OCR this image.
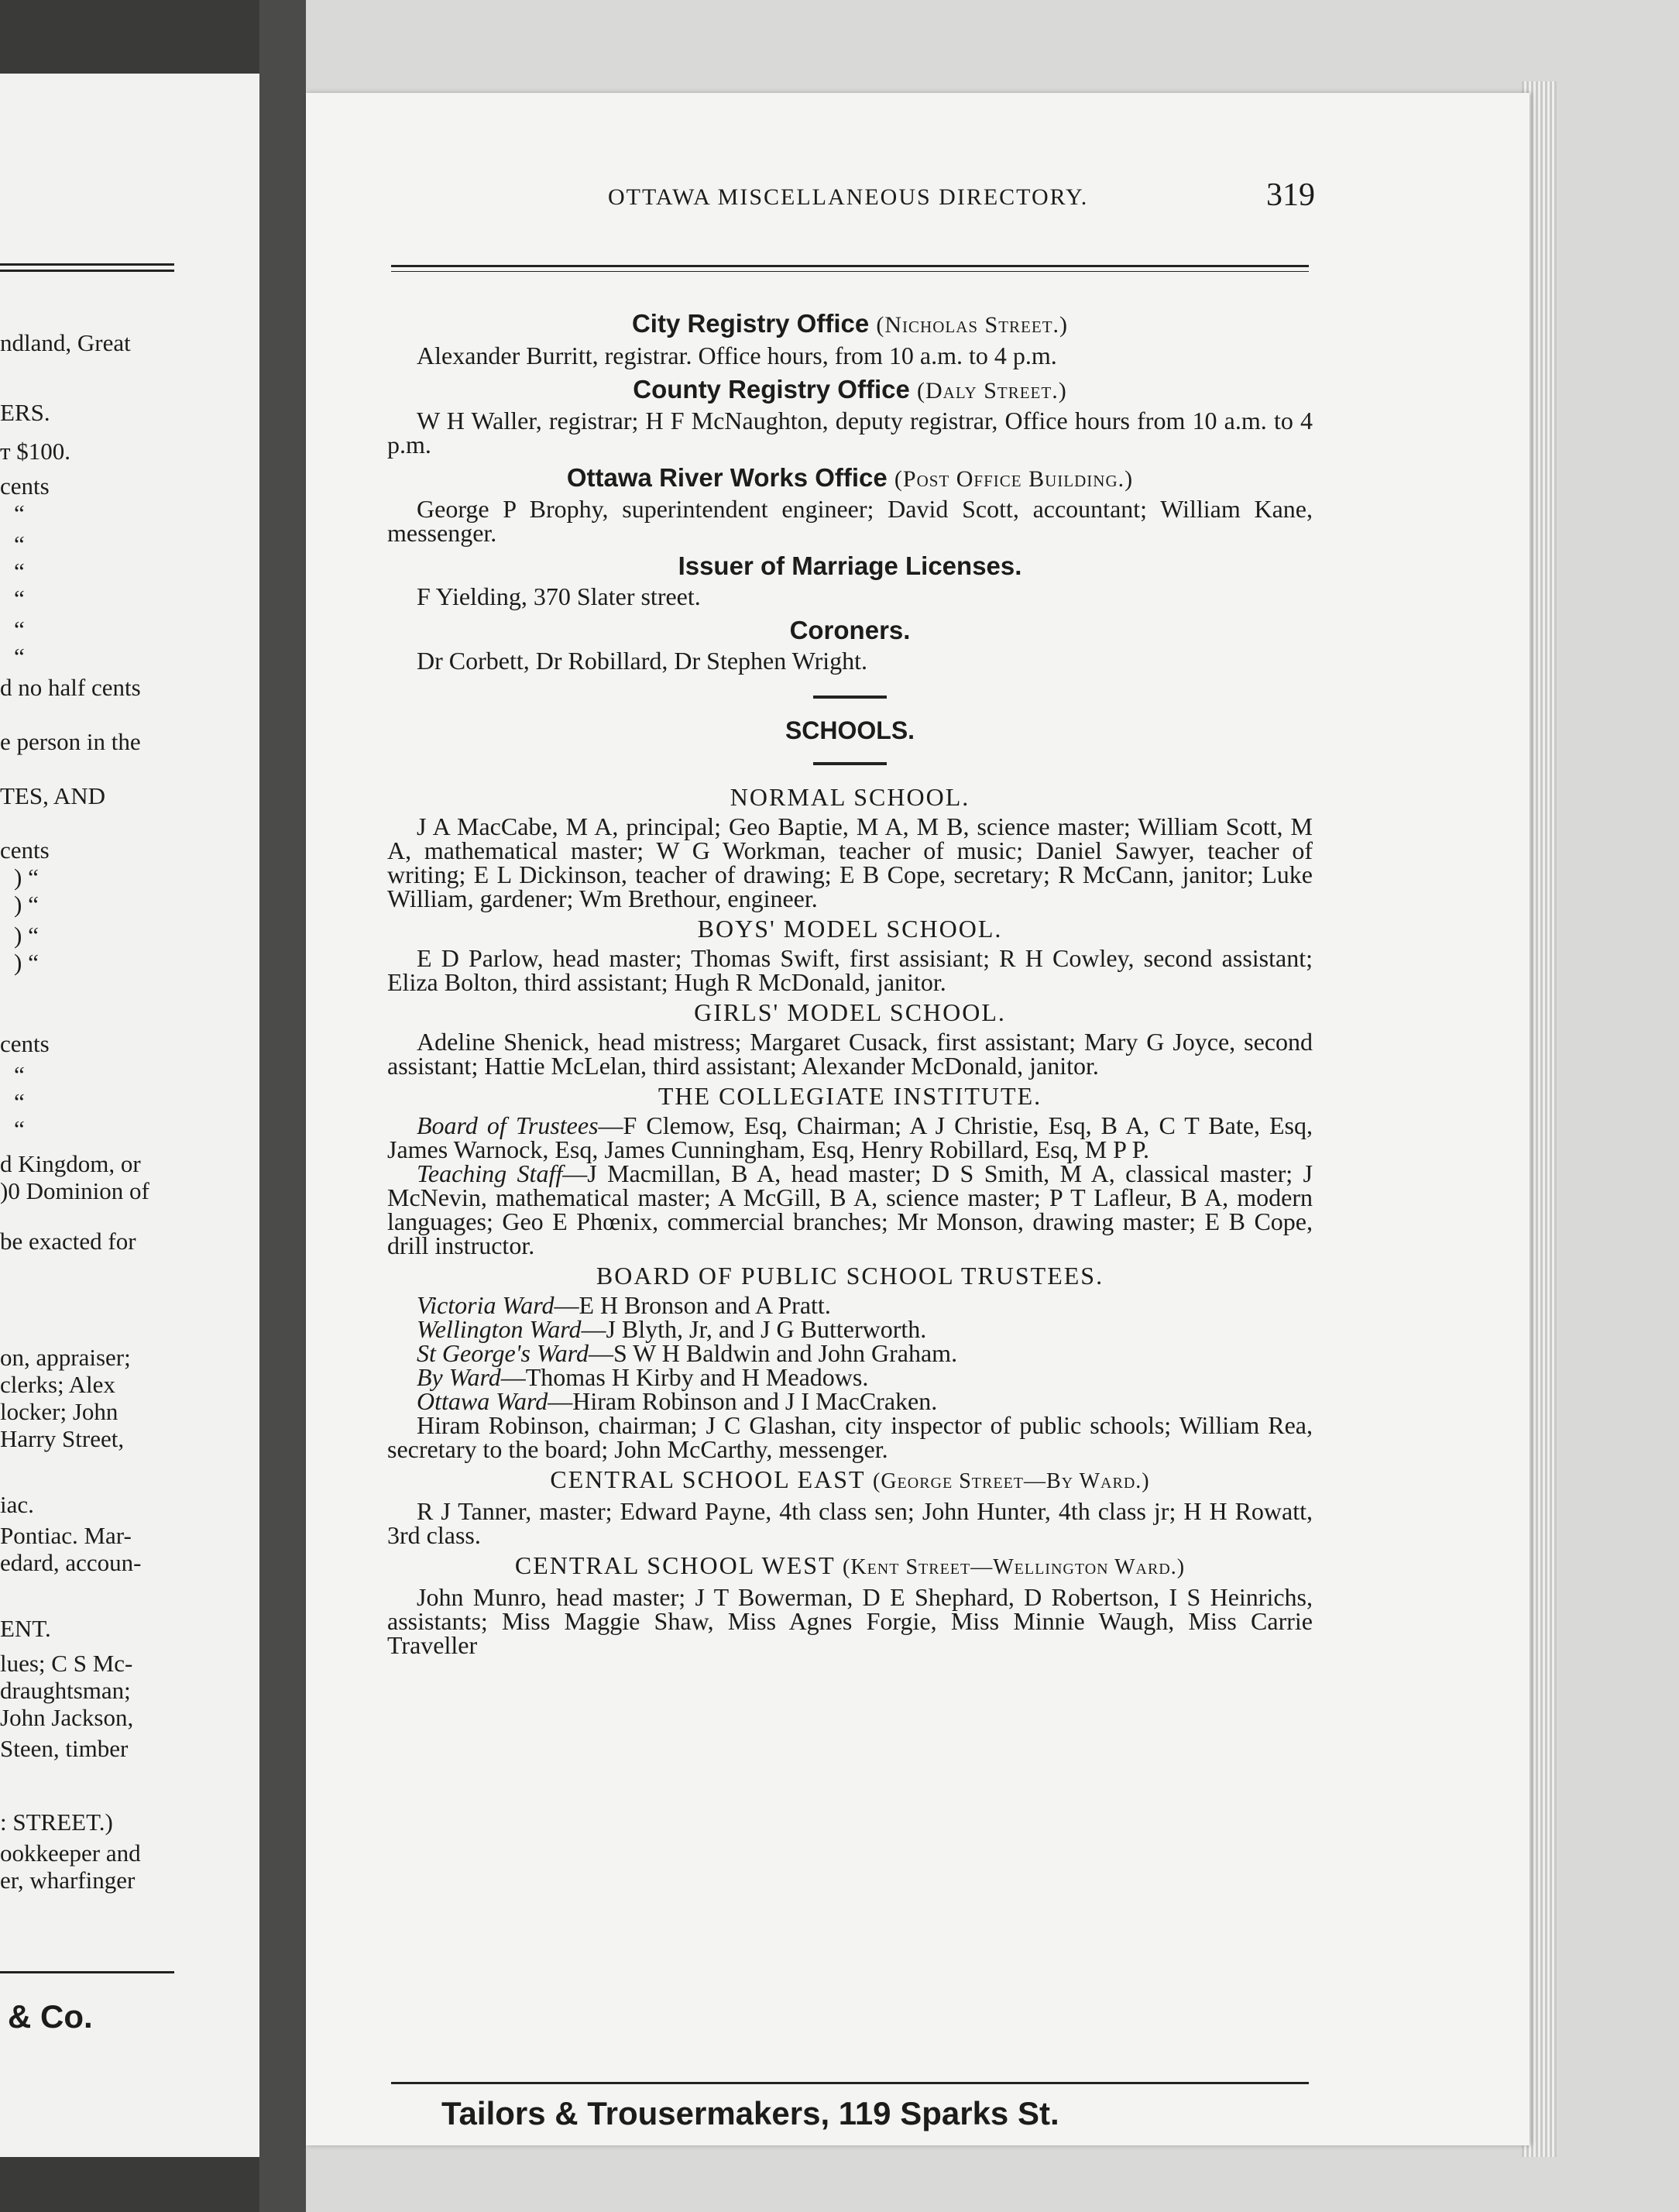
ndland, Great
ERS.
т $100.
cents
“
“
“
“
“
“
d no half cents
e person in the
TES, AND
cents
) “
) “
) “
) “
cents
“
“
“
d Kingdom, or
)0 Dominion of
be exacted for
on, appraiser;
clerks; Alex
locker; John
Harry Street,
iac.
Pontiac. Mar-
edard, accoun-
ENT.
lues; C S Mc-
draughtsman;
John Jackson,
Steen, timber
: STREET.)
ookkeeper and
er, wharfinger
& Co.
OTTAWA MISCELLANEOUS DIRECTORY.	319
City Registry Office (Nicholas Street.)

Alexander Burritt, registrar. Office hours, from 10 a.m. to 4 p.m.

County Registry Office (Daly Street.)

W H Waller, registrar; H F McNaughton, deputy registrar, Office hours from 10 a.m. to 4 p.m.

Ottawa River Works Office (Post Office Building.)

George P Brophy, superintendent engineer; David Scott, accountant; William Kane, messenger.

Issuer of Marriage Licenses.

F Yielding, 370 Slater street.

Coroners.

Dr Corbett, Dr Robillard, Dr Stephen Wright.

SCHOOLS.
NORMAL SCHOOL.

J A MacCabe, M A, principal; Geo Baptie, M A, M B, science master; William Scott, M A, mathematical master; W G Workman, teacher of music; Daniel Sawyer, teacher of writing; E L Dickinson, teacher of drawing; E B Cope, secretary; R McCann, janitor; Luke William, gardener; Wm Brethour, engineer.

BOYS' MODEL SCHOOL.

E D Parlow, head master; Thomas Swift, first assisiant; R H Cowley, second assistant; Eliza Bolton, third assistant; Hugh R McDonald, janitor.

GIRLS' MODEL SCHOOL.

Adeline Shenick, head mistress; Margaret Cusack, first assistant; Mary G Joyce, second assistant; Hattie McLelan, third assistant; Alexander McDonald, janitor.

THE COLLEGIATE INSTITUTE.

Board of Trustees—F Clemow, Esq, Chairman; A J Christie, Esq, B A, C T Bate, Esq, James Warnock, Esq, James Cunningham, Esq, Henry Robillard, Esq, M P P.

Teaching Staff—J Macmillan, B A, head master; D S Smith, M A, classical master; J McNevin, mathematical master; A McGill, B A, science master; P T Lafleur, B A, modern languages; Geo E Phœnix, commercial branches; Mr Monson, drawing master; E B Cope, drill instructor.

BOARD OF PUBLIC SCHOOL TRUSTEES.

Victoria Ward—E H Bronson and A Pratt.

Wellington Ward—J Blyth, Jr, and J G Butterworth.

St George's Ward—S W H Baldwin and John Graham.

By Ward—Thomas H Kirby and H Meadows.

Ottawa Ward—Hiram Robinson and J I MacCraken.

Hiram Robinson, chairman; J C Glashan, city inspector of public schools; William Rea, secretary to the board; John McCarthy, messenger.

CENTRAL SCHOOL EAST (George Street—By Ward.)

R J Tanner, master; Edward Payne, 4th class sen; John Hunter, 4th class jr; H H Rowatt, 3rd class.

CENTRAL SCHOOL WEST (Kent Street—Wellington Ward.)

John Munro, head master; J T Bowerman, D E Shephard, D Robertson, I S Heinrichs, assistants; Miss Maggie Shaw, Miss Agnes Forgie, Miss Minnie Waugh, Miss Carrie Traveller

Tailors & Trousermakers, 119 Sparks St.
